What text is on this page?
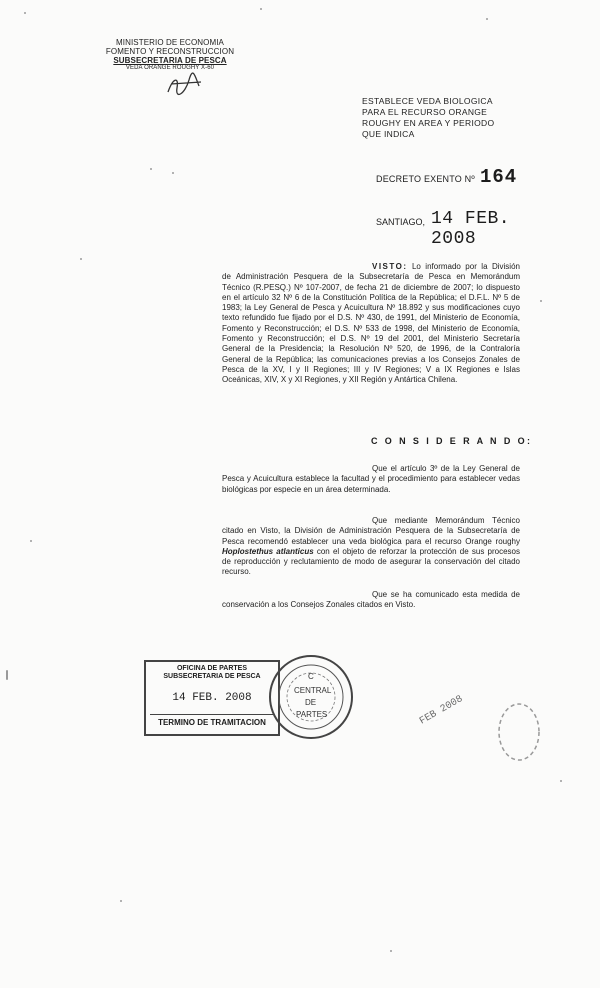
MINISTERIO DE ECONOMIA
FOMENTO Y RECONSTRUCCION
SUBSECRETARIA DE PESCA
VEDA ORANGE ROUGHY X-60
ESTABLECE VEDA BIOLOGICA
PARA EL RECURSO ORANGE
ROUGHY EN AREA Y PERIODO
QUE INDICA
DECRETO EXENTO Nº 164
SANTIAGO, 14 FEB. 2008
VISTO: Lo informado por la División de Administración Pesquera de la Subsecretaría de Pesca en Memorándum Técnico (R.PESQ.) Nº 107-2007, de fecha 21 de diciembre de 2007; lo dispuesto en el artículo 32 Nº 6 de la Constitución Política de la República; el D.F.L. Nº 5 de 1983; la Ley General de Pesca y Acuicultura Nº 18.892 y sus modificaciones cuyo texto refundido fue fijado por el D.S. Nº 430, de 1991, del Ministerio de Economía, Fomento y Reconstrucción; el D.S. Nº 533 de 1998, del Ministerio de Economía, Fomento y Reconstrucción; el D.S. Nº 19 del 2001, del Ministerio Secretaría General de la Presidencia; la Resolución Nº 520, de 1996, de la Contraloría General de la República; las comunicaciones previas a los Consejos Zonales de Pesca de la XV, I y II Regiones; III y IV Regiones; V a IX Regiones e Islas Oceánicas, XIV, X y XI Regiones, y XII Región y Antártica Chilena.
C O N S I D E R A N D O:
Que el artículo 3º de la Ley General de Pesca y Acuicultura establece la facultad y el procedimiento para establecer vedas biológicas por especie en un área determinada.
Que mediante Memorándum Técnico citado en Visto, la División de Administración Pesquera de la Subsecretaría de Pesca recomendó establecer una veda biológica para el recurso Orange roughy Hoplostethus atlanticus con el objeto de reforzar la protección de sus procesos de reproducción y reclutamiento de modo de asegurar la conservación del citado recurso.
Que se ha comunicado esta medida de conservación a los Consejos Zonales citados en Visto.
OFICINA DE PARTES
SUBSECRETARIA DE PESCA
14 FEB. 2008
TERMINO DE TRAMITACION
C
CENTRAL
DE
PARTES	FEB 2008
